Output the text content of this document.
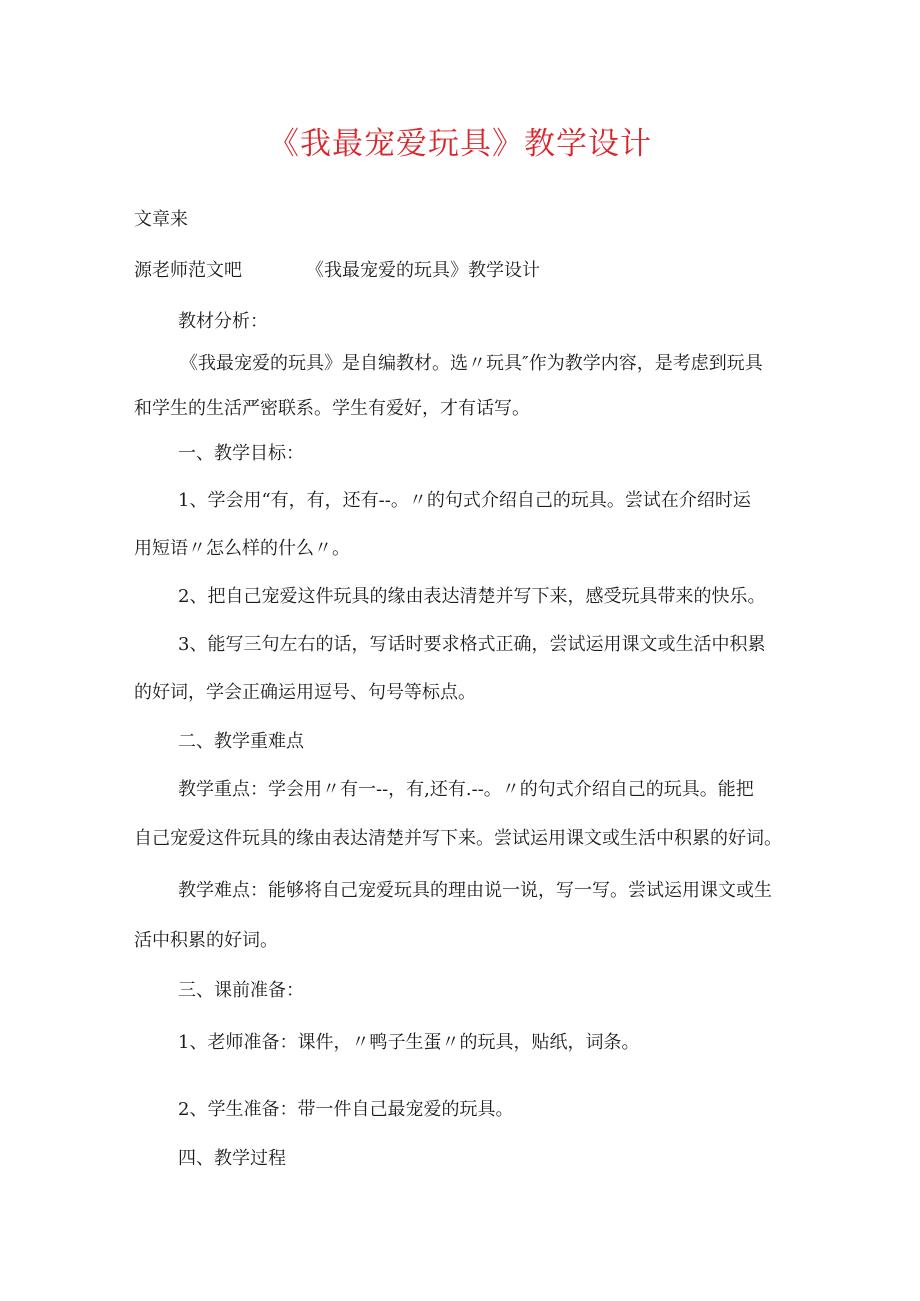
《我最宠爱玩具》教学设计
文章来
源老师范文吧	《我最宠爱的玩具》教学设计
教材分析：
《我最宠爱的玩具》是自编教材。选〃玩具″作为教学内容，是考虑到玩具
和学生的生活严密联系。学生有爱好，才有话写。
一、教学目标：
1、学会用“有，有，还有--。〃的句式介绍自己的玩具。尝试在介绍时运
用短语〃怎么样的什么〃。
2、把自己宠爱这件玩具的缘由表达清楚并写下来，感受玩具带来的快乐。
3、能写三句左右的话，写话时要求格式正确，尝试运用课文或生活中积累
的好词，学会正确运用逗号、句号等标点。
二、教学重难点
教学重点：学会用〃有一--，有,还有.--。〃的句式介绍自己的玩具。能把
自己宠爱这件玩具的缘由表达清楚并写下来。尝试运用课文或生活中积累的好词。
教学难点：能够将自己宠爱玩具的理由说一说，写一写。尝试运用课文或生
活中积累的好词。
三、课前准备：
1、老师准备：课件，〃鸭子生蛋〃的玩具，贴纸，词条。
2、学生准备：带一件自己最宠爱的玩具。
四、教学过程
